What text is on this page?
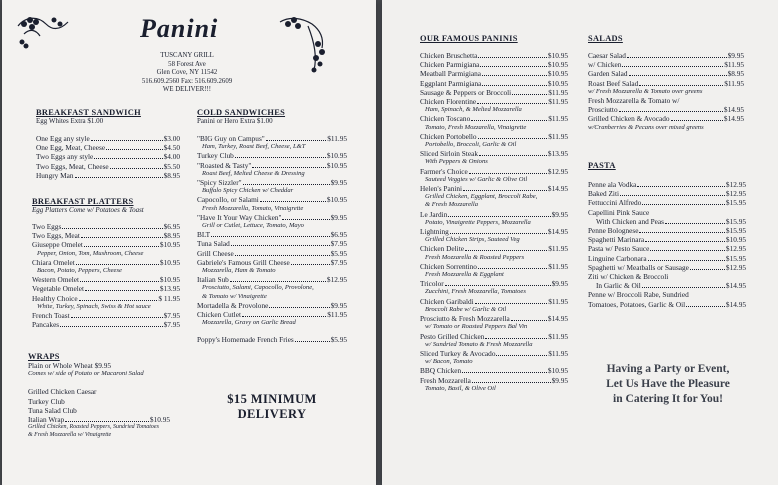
Panini
TUSCANY GRILL
58 Forest Ave
Glen Cove, NY 11542
516.609.2560 Fax: 516.609.2609
WE DELIVER!!!
BREAKFAST SANDWICH
Egg Whites Extra $1.00
One Egg any style	$3.00
One Egg, Meat, Cheese	$4.50
Two Eggs any style	$4.00
Two Eggs, Meat, Cheese	$5.50
Hungry Man	$8.95
BREAKFAST PLATTERS
Egg Platters Come w/ Potatoes & Toast
Two Eggs	$6.95
Two Eggs, Meat	$8.95
Giuseppe Omelet	$10.95
Pepper, Onion, Tom, Mushroom, Cheese
Chiara Omelet	$10.95
Bacon, Potato, Peppers, Cheese
Western Omelet	$10.95
Vegetable Omelet	$13.95
Healthy Choice	$ 11.95
White, Turkey, Spinach, Swiss & Hot sauce
French Toast	$7.95
Pancakes	$7.95
WRAPS
Plain or Whole Wheat $9.95
Comes w/ side of Potato or Macaroni Salad
Grilled Chicken Caesar
Turkey Club
Tuna Salad Club
Italian Wrap	$10.95
Grilled Chicken, Roasted Peppers, Sundried Tomatoes
& Fresh Mozzarella w/ Vinaigrette
COLD SANDWICHES
Panini or Hero Extra $1.00
"BIG Guy on Campus"	$11.95
Ham, Turkey, Roast Beef, Cheese, L&T
Turkey Club	$10.95
"Roasted & Tasty"	$10.95
Roast Beef, Melted Cheese & Dressing
"Spicy Sizzler"	$9.95
Buffalo Spicy Chicken w/ Cheddar
Capocollo, or Salami	$10.95
Fresh Mozzarella, Tomato, Vinaigrette
"Have It Your Way Chicken"	$9.95
Grill or Cutlet, Lettuce, Tomato, Mayo
BLT	$6.95
Tuna Salad	$7.95
Grill Cheese	$5.95
Gabriele's Famous Grill Cheese	$7.95
Mozzarella, Ham & Tomato
Italian Sub	$12.95
Prosciutto, Salami, Capocollo, Provolone,
& Tomato w/ Vinaigrette
Mortadella & Provolone	$9.95
Chicken Cutlet	$11.95
Mozzarella, Gravy on Garlic Bread
Poppy's Homemade French Fries	$5.95
$15 MINIMUM
DELIVERY
OUR FAMOUS PANINIS
Chicken Bruschetta	$10.95
Chicken Parmigiana	$10.95
Meatball Parmigiana	$10.95
Eggplant Parmigiana	$10.95
Sausage & Peppers or Broccoli	$11.95
Chicken Florentine	$11.95
Ham, Spinach, & Melted Mozzarella
Chicken Toscano	$11.95
Tomato, Fresh Mozzarella, Vinaigrette
Chicken Portobello	$11.95
Portobello, Broccoli, Garlic & Oil
Sliced Sirloin Steak	$13.95
With Peppers & Onions
Farmer's Choice	$12.95
Sauteed Veggies w/ Garlic & Olive Oil
Helen's Panini	$14.95
Grilled Chicken, Eggplant, Broccoli Rabe,
& Fresh Mozzarella
Le Jardin	$9.95
Potato, Vinaigrette Peppers, Mozzarella
Lightning	$14.95
Grilled Chicken Strips, Sauteed Veg
Chicken Delite	$11.95
Fresh Mozzarella & Roasted Peppers
Chicken Sorrentino	$11.95
Fresh Mozzarella & Eggplant
Tricolor	$9.95
Zucchini, Fresh Mozzarella, Tomatoes
Chicken Garibaldi	$11.95
Broccoli Rabe w/ Garlic & Oil
Prosciutto & Fresh Mozzarella	$14.95
w/ Tomato or Roasted Peppers Bal Vin
Pesto Grilled Chicken	$11.95
w/ Sundried Tomato & Fresh Mozzarella
Sliced Turkey & Avocado	$11.95
w/ Bacon, Tomato
BBQ Chicken	$10.95
Fresh Mozzarella	$9.95
Tomato, Basil, & Olive Oil
SALADS
Caesar Salad	$9.95
w/ Chicken	$11.95
Garden Salad	$8.95
Roast Beef Salad	$11.95
w/ Fresh Mozzarella & Tomato over greens
Fresh Mozzarella & Tomato w/
Prosciutto	$14.95
Grilled Chicken & Avocado	$14.95
w/Cranberries & Pecans over mixed greens
PASTA
Penne ala Vodka	$12.95
Baked Ziti	$12.95
Fettuccini Alfredo	$15.95
Capellini Pink Sauce
With Chicken and Peas	$15.95
Penne Bolognese	$15.95
Spaghetti Marinara	$10.95
Pasta w/ Pesto Sauce	$12.95
Linguine Carbonara	$15.95
Spaghetti w/ Meatballs or Sausage	$12.95
Ziti w/ Chicken & Broccoli
In Garlic & Oil	$14.95
Penne w/ Broccoli Rabe, Sundried
Tomatoes, Potatoes, Garlic & Oil	$14.95
Having a Party or Event,
Let Us Have the Pleasure
in Catering It for You!
